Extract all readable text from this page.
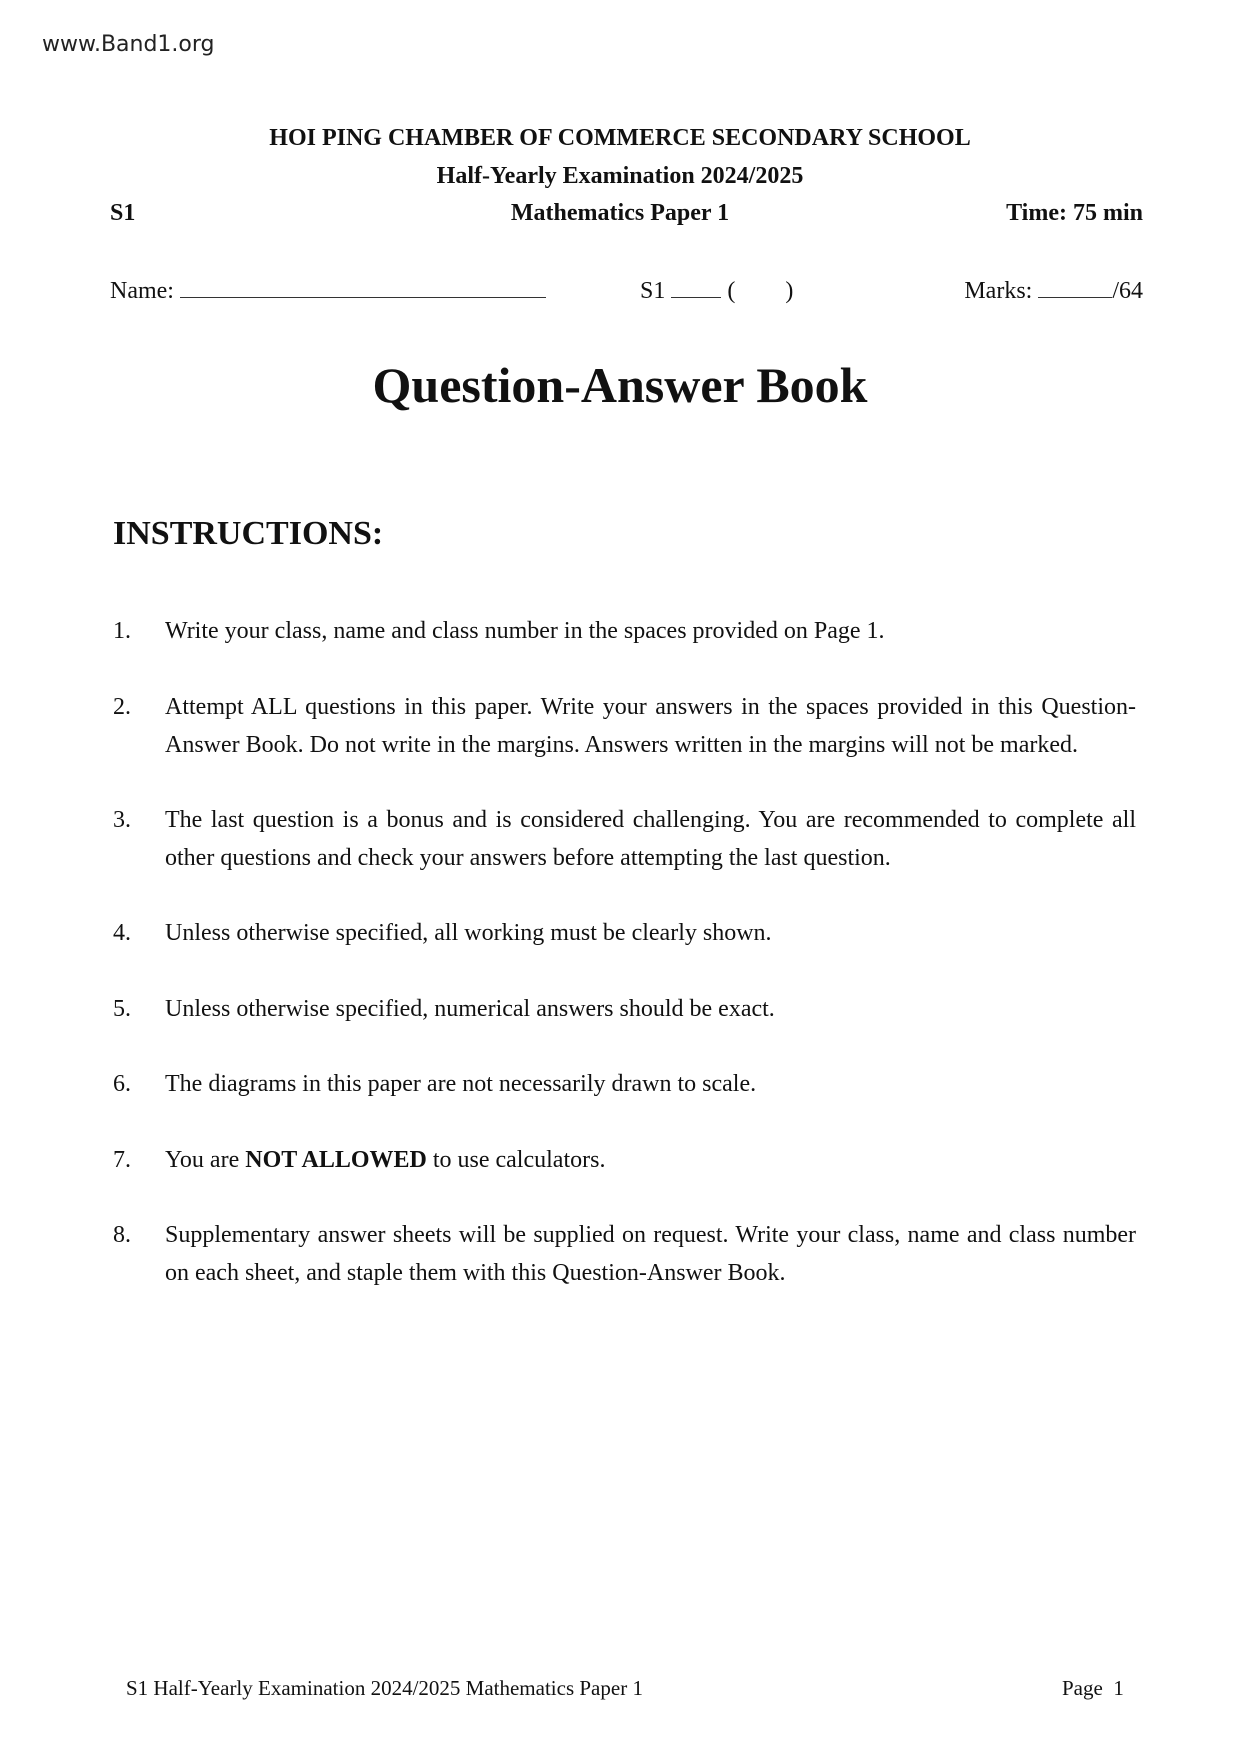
www.Band1.org
HOI PING CHAMBER OF COMMERCE SECONDARY SCHOOL
Half-Yearly Examination 2024/2025
S1	Mathematics Paper 1	Time: 75 min
Name:	S1	( )	Marks:	/64
Question-Answer Book
INSTRUCTIONS:
1. Write your class, name and class number in the spaces provided on Page 1.
2. Attempt ALL questions in this paper. Write your answers in the spaces provided in this Question-Answer Book. Do not write in the margins. Answers written in the margins will not be marked.
3. The last question is a bonus and is considered challenging. You are recommended to complete all other questions and check your answers before attempting the last question.
4. Unless otherwise specified, all working must be clearly shown.
5. Unless otherwise specified, numerical answers should be exact.
6. The diagrams in this paper are not necessarily drawn to scale.
7. You are NOT ALLOWED to use calculators.
8. Supplementary answer sheets will be supplied on request. Write your class, name and class number on each sheet, and staple them with this Question-Answer Book.
S1 Half-Yearly Examination 2024/2025 Mathematics Paper 1	Page  1
